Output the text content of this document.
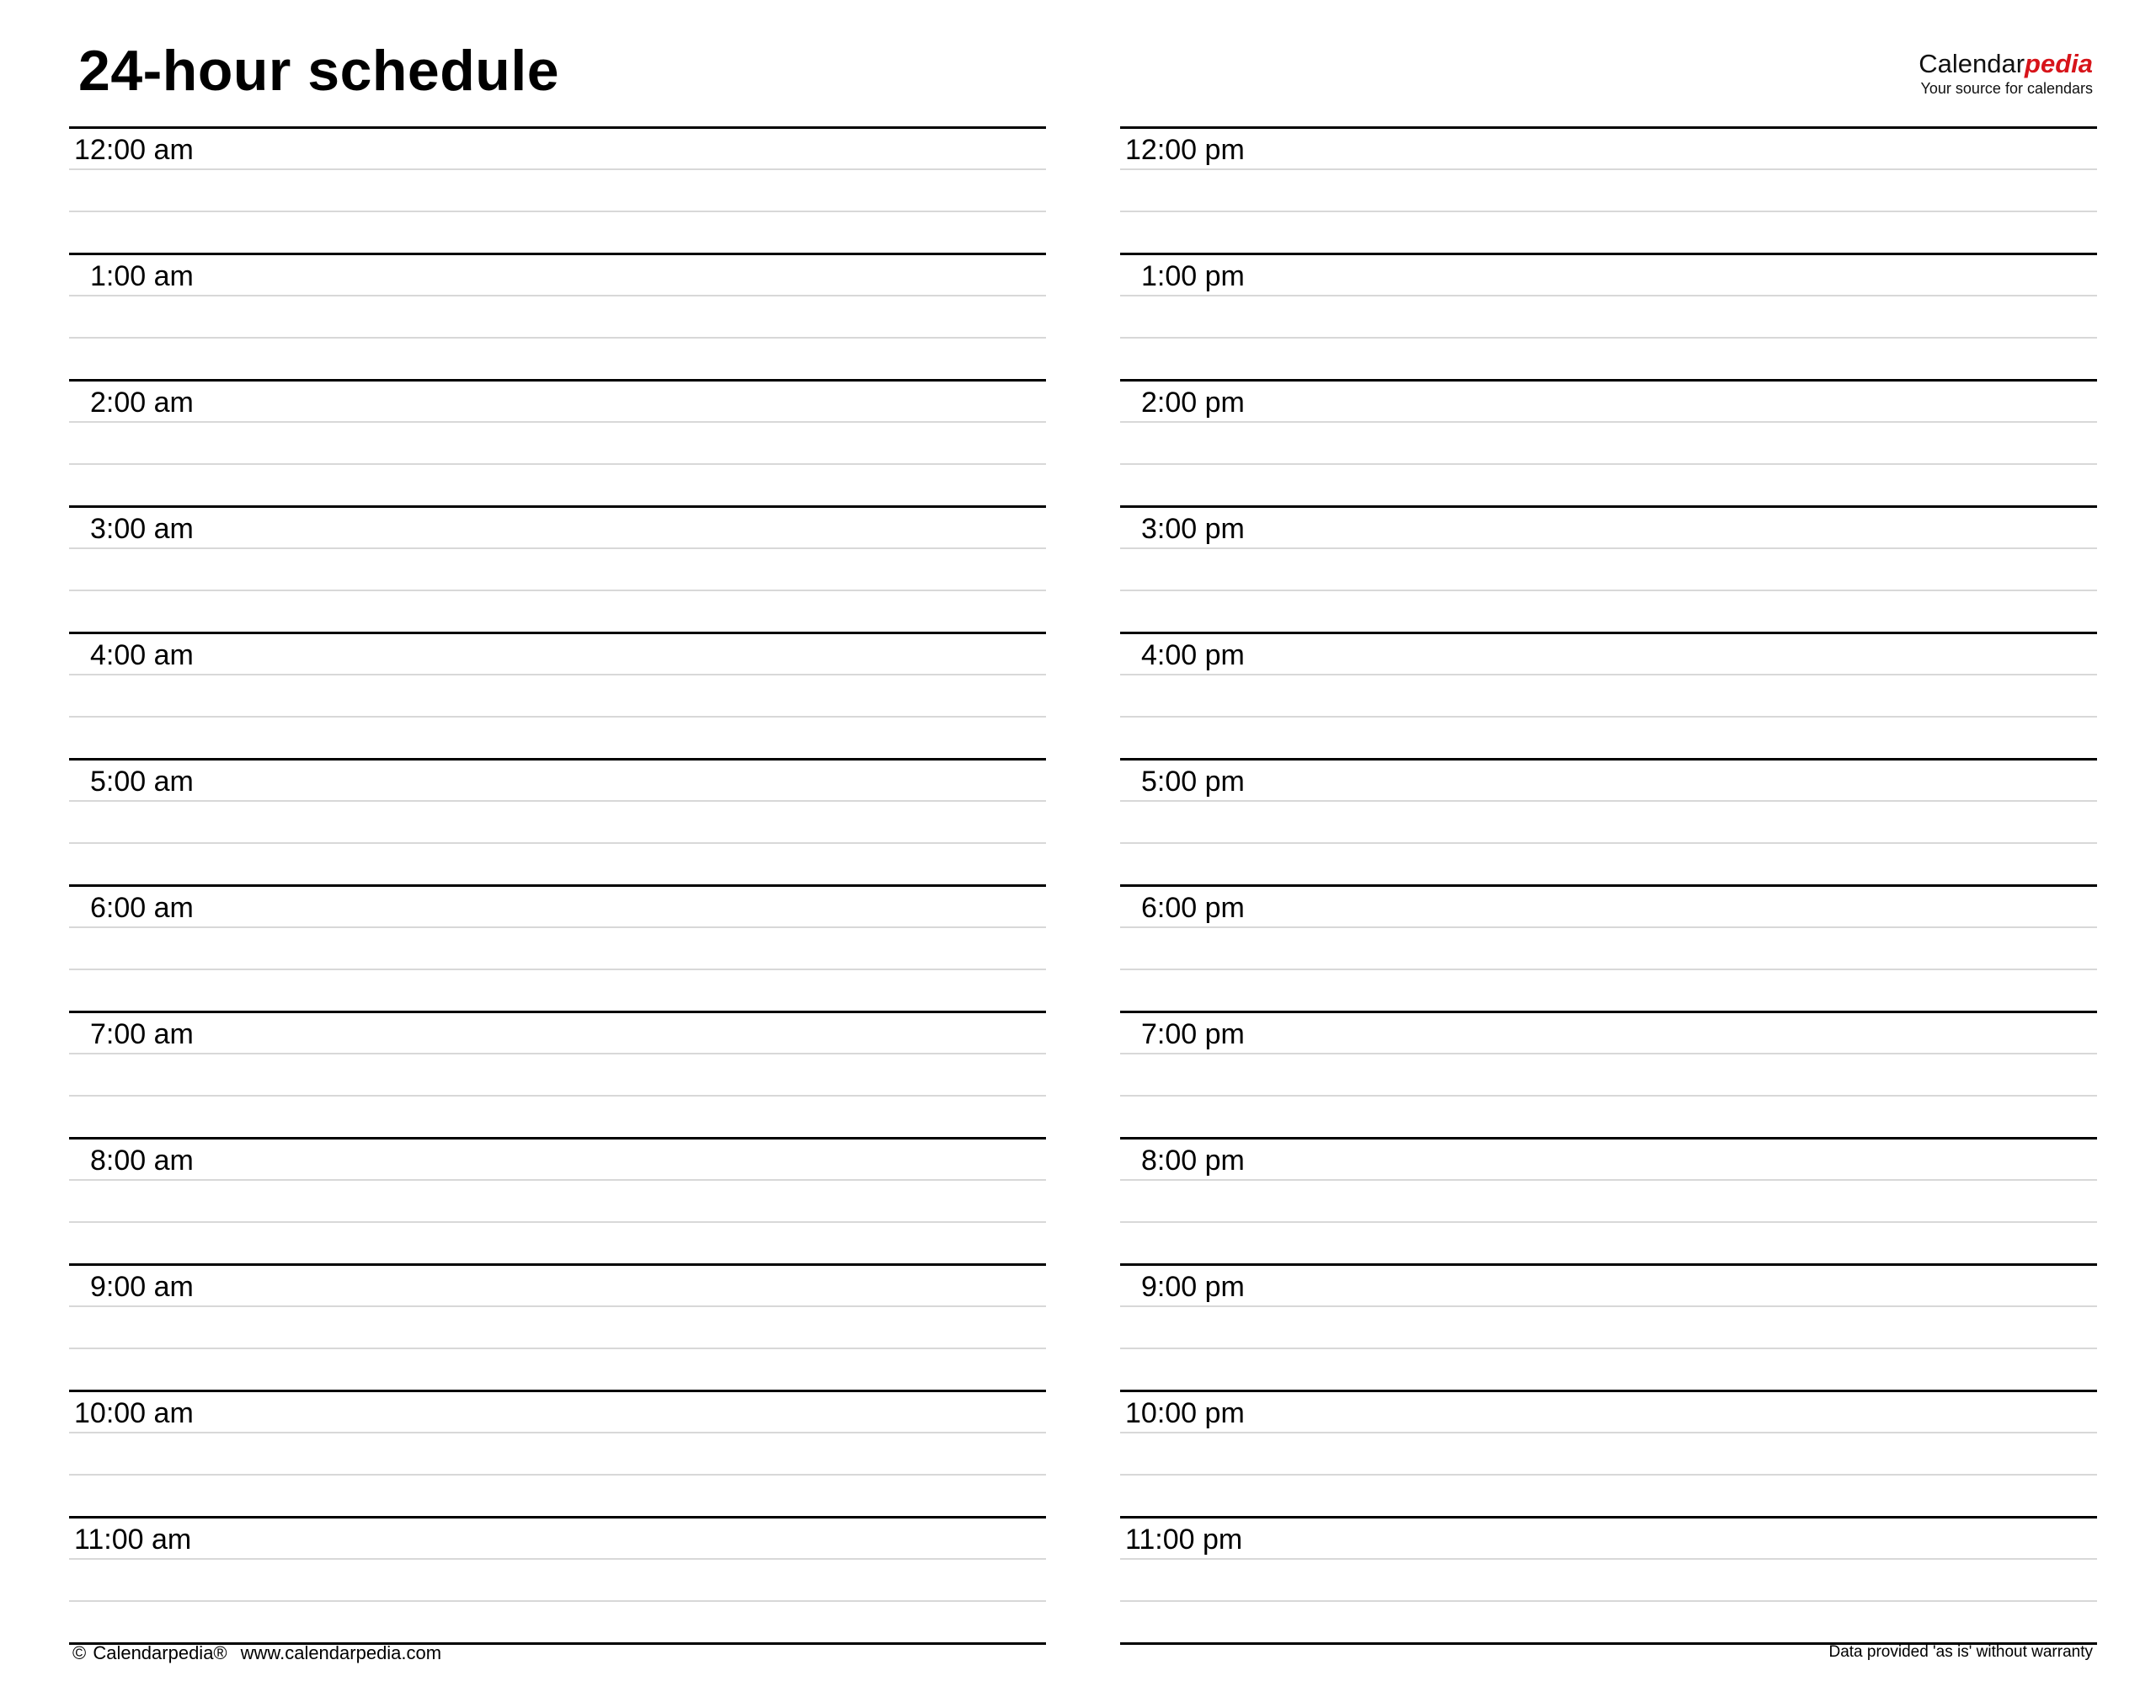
24-hour schedule	Calendarpedia
Your source for calendars
12:00 am
1:00 am
2:00 am
3:00 am
4:00 am
5:00 am
6:00 am
7:00 am
8:00 am
9:00 am
10:00 am
11:00 am
12:00 pm
1:00 pm
2:00 pm
3:00 pm
4:00 pm
5:00 pm
6:00 pm
7:00 pm
8:00 pm
9:00 pm
10:00 pm
11:00 pm
© Calendarpedia® www.calendarpedia.com	Data provided 'as is' without warranty
